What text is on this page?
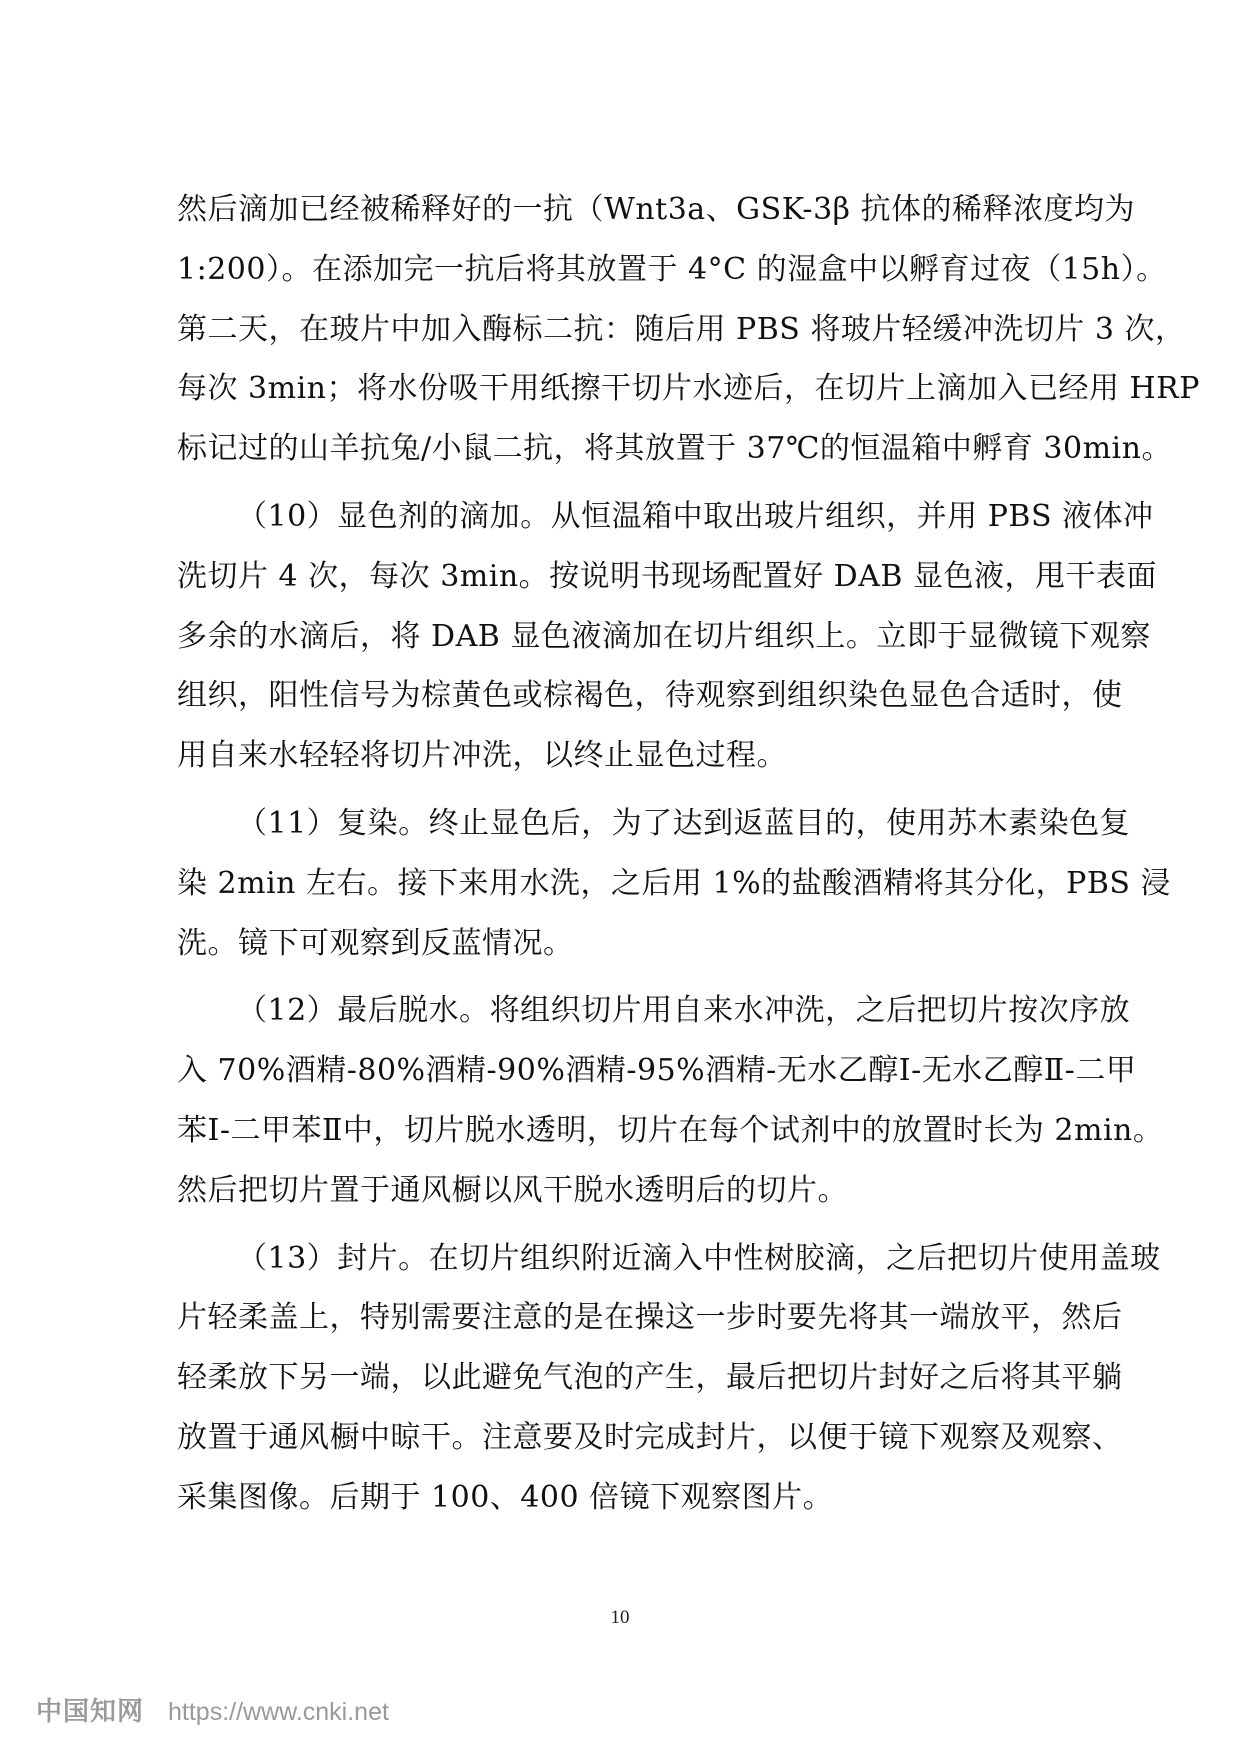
然后滴加已经被稀释好的一抗（Wnt3a、GSK-3β 抗体的稀释浓度均为
1:200）。在添加完一抗后将其放置于 4°C 的湿盒中以孵育过夜（15h）。
第二天，在玻片中加入酶标二抗：随后用 PBS 将玻片轻缓冲洗切片 3 次，
每次 3min；将水份吸干用纸擦干切片水迹后，在切片上滴加入已经用 HRP
标记过的山羊抗兔/小鼠二抗，将其放置于 37℃的恒温箱中孵育 30min。

（10）显色剂的滴加。从恒温箱中取出玻片组织，并用 PBS 液体冲
洗切片 4 次，每次 3min。按说明书现场配置好 DAB 显色液，甩干表面
多余的水滴后，将 DAB 显色液滴加在切片组织上。立即于显微镜下观察
组织，阳性信号为棕黄色或棕褐色，待观察到组织染色显色合适时，使
用自来水轻轻将切片冲洗，以终止显色过程。

（11）复染。终止显色后，为了达到返蓝目的，使用苏木素染色复
染 2min 左右。接下来用水洗，之后用 1%的盐酸酒精将其分化，PBS 浸
洗。镜下可观察到反蓝情况。

（12）最后脱水。将组织切片用自来水冲洗，之后把切片按次序放
入 70%酒精-80%酒精-90%酒精-95%酒精-无水乙醇Ⅰ-无水乙醇Ⅱ-二甲
苯Ⅰ-二甲苯Ⅱ中，切片脱水透明，切片在每个试剂中的放置时长为 2min。
然后把切片置于通风橱以风干脱水透明后的切片。

（13）封片。在切片组织附近滴入中性树胶滴，之后把切片使用盖玻
片轻柔盖上，特别需要注意的是在操这一步时要先将其一端放平，然后
轻柔放下另一端，以此避免气泡的产生，最后把切片封好之后将其平躺
放置于通风橱中晾干。注意要及时完成封片，以便于镜下观察及观察、
采集图像。后期于 100、400 倍镜下观察图片。

10
中国知网 https://www.cnki.net
